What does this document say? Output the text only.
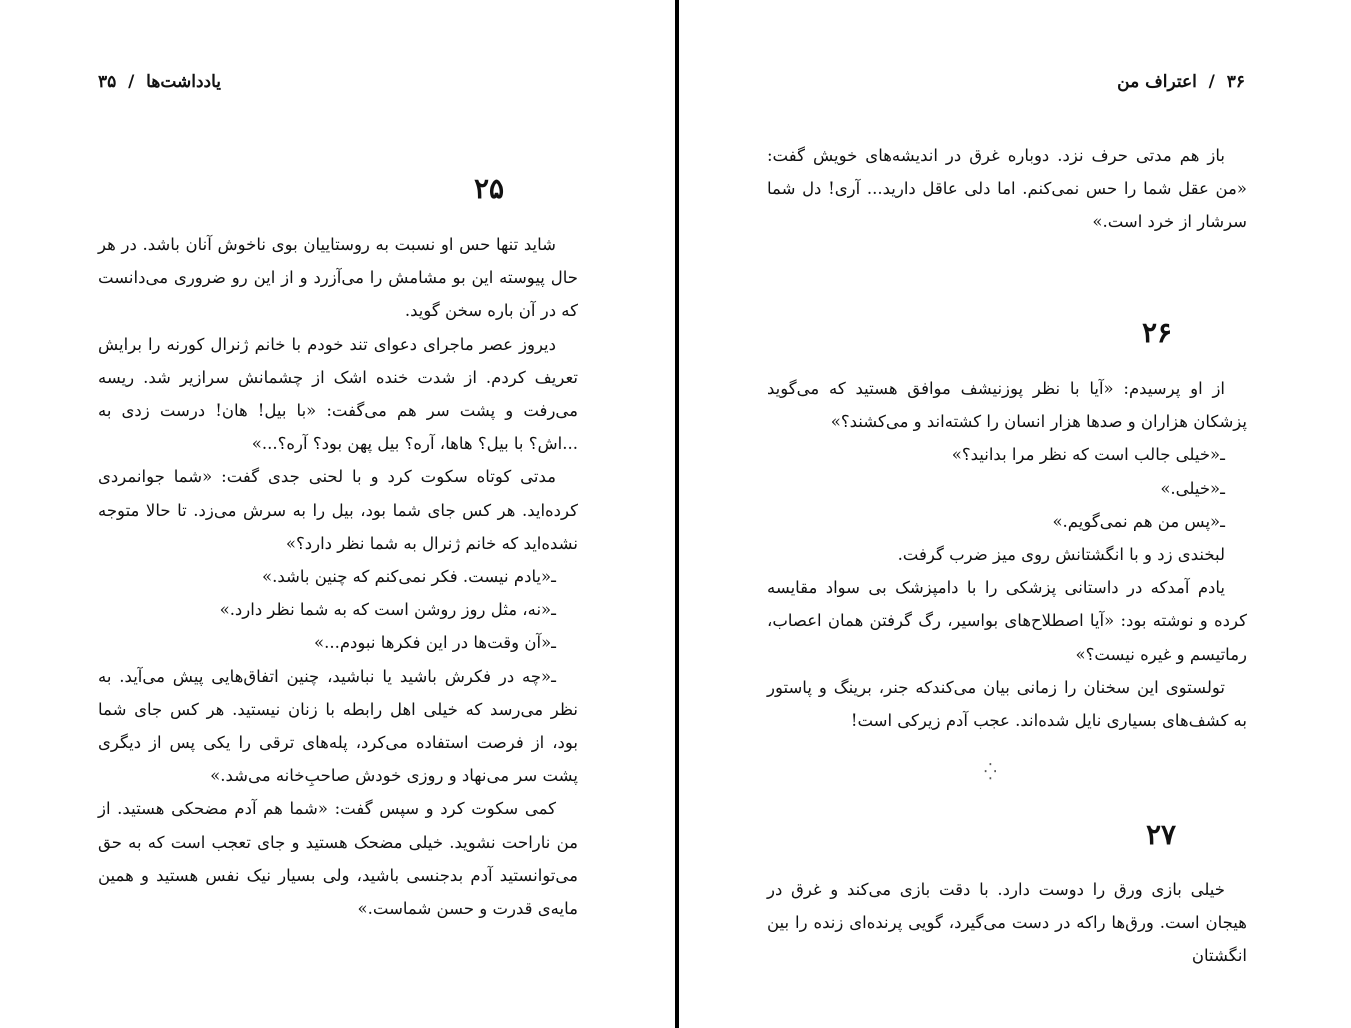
یادداشت‌ها  /  ۳۵
۲۵

شاید تنها حس او نسبت به روستاییان بوی ناخوش آنان باشد. در هر حال پیوسته این بو مشامش را می‌آزرد و از این رو ضروری می‌دانست که در آن باره سخن گوید.

دیروز عصر ماجرای دعوای تند خودم با خانم ژنرال کورنه را برایش تعریف کردم. از شدت خنده اشک از چشمانش سرازیر شد. ریسه می‌رفت و پشت سر هم می‌گفت: «با بیل! هان! درست زدی به ...اش؟ با بیل؟ هاها، آره؟ بیل پهن بود؟ آره؟...»

مدتی کوتاه سکوت کرد و با لحنی جدی گفت: «شما جوانمردی کرده‌اید. هر کس جای شما بود، بیل را به سرش می‌زد. تا حالا متوجه نشده‌اید که خانم ژنرال به شما نظر دارد؟»

ـ«یادم نیست. فکر نمی‌کنم که چنین باشد.»

ـ«نه، مثل روز روشن است که به شما نظر دارد.»

ـ«آن وقت‌ها در این فکرها نبودم...»

ـ«چه در فکرش باشید یا نباشید، چنین اتفاق‌هایی پیش می‌آید. به نظر می‌رسد که خیلی اهل رابطه با زنان نیستید. هر کس جای شما بود، از فرصت استفاده می‌کرد، پله‌های ترقی را یکی پس از دیگری پشت سر می‌نهاد و روزی خودش صاحبِ‌خانه می‌شد.»

کمی سکوت کرد و سپس گفت: «شما هم آدم مضحکی هستید. از من ناراحت نشوید. خیلی مضحک هستید و جای تعجب است که به حق می‌توانستید آدم بدجنسی باشید، ولی بسیار نیک نفس هستید و همین مایه‌ی قدرت و حسن شماست.»

۳۶  /  اعتراف من

باز هم مدتی حرف نزد. دوباره غرق در اندیشه‌های خویش گفت: «من عقل شما را حس نمی‌کنم. اما دلی عاقل دارید... آری! دل شما سرشار از خرد است.»

۲۶

از او پرسیدم: «آیا با نظر پوزنیشف موافق هستید که می‌گوید پزشکان هزاران و صدها هزار انسان را کشته‌اند و می‌کشند؟»

ـ«خیلی جالب است که نظر مرا بدانید؟»

ـ«خیلی.»

ـ«پس من هم نمی‌گویم.»

لبخندی زد و با انگشتانش روی میز ضرب گرفت.

یادم آمدکه در داستانی پزشکی را با دامپزشک بی سواد مقایسه کرده و نوشته بود: «آیا اصطلاح‌های بواسیر، رگ گرفتن همان اعصاب، رماتیسم و غیره نیست؟»

تولستوی این سخنان را زمانی بیان می‌کندکه جنر، برینگ و پاستور به کشف‌های بسیاری نایل شده‌اند. عجب آدم زیرکی است!

⁛
۲۷

خیلی بازی ورق را دوست دارد. با دقت بازی می‌کند و غرق در هیجان است. ورق‌ها راکه در دست می‌گیرد، گویی پرنده‌ای زنده را بین انگشتان
